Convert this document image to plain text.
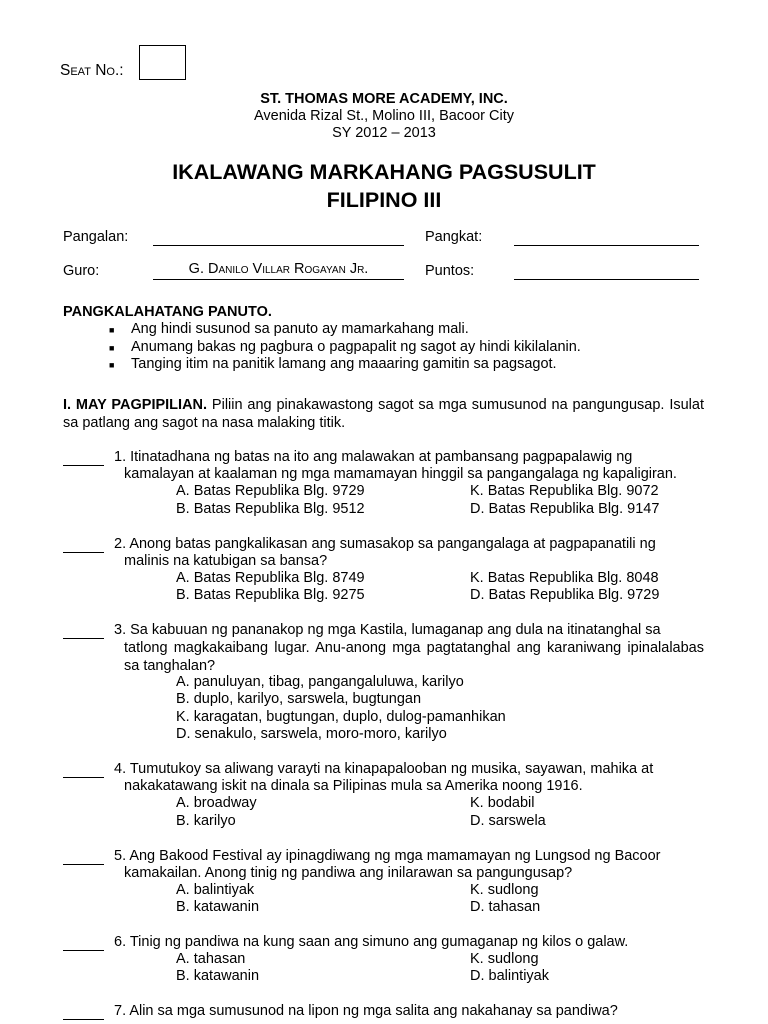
Seat No.:
ST. THOMAS MORE ACADEMY, INC.
Avenida Rizal St., Molino III, Bacoor City
SY 2012 – 2013
IKALAWANG MARKAHANG PAGSUSULIT
FILIPINO III
Pangalan:	Pangkat:
Guro:	G. Danilo Villar Rogayan Jr.	Puntos:
PANGKALAHATANG PANUTO.
■ Ang hindi susunod sa panuto ay mamarkahang mali.
■ Anumang bakas ng pagbura o pagpapalit ng sagot ay hindi kikilalanin.
■ Tanging itim na panitik lamang ang maaaring gamitin sa pagsagot.
I. MAY PAGPIPILIAN. Piliin ang pinakawastong sagot sa mga sumusunod na pangungusap. Isulat sa patlang ang sagot na nasa malaking titik.
1. Itinatadhana ng batas na ito ang malawakan at pambansang pagpapalawig ng
kamalayan at kaalaman ng mga mamamayan hinggil sa pangangalaga ng kapaligiran.
A. Batas Republika Blg. 9729	K. Batas Republika Blg. 9072
B. Batas Republika Blg. 9512	D. Batas Republika Blg. 9147
2. Anong batas pangkalikasan ang sumasakop sa pangangalaga at pagpapanatili ng
malinis na katubigan sa bansa?
A. Batas Republika Blg. 8749	K. Batas Republika Blg. 8048
B. Batas Republika Blg. 9275	D. Batas Republika Blg. 9729
3. Sa kabuuan ng pananakop ng mga Kastila, lumaganap ang dula na itinatanghal sa
tatlong magkakaibang lugar. Anu-anong mga pagtatanghal ang karaniwang ipinalalabas sa tanghalan?
A. panuluyan, tibag, pangangaluluwa, karilyo
B. duplo, karilyo, sarswela, bugtungan
K. karagatan, bugtungan, duplo, dulog-pamanhikan
D. senakulo, sarswela, moro-moro, karilyo
4. Tumutukoy sa aliwang varayti na kinapapalooban ng musika, sayawan, mahika at
nakakatawang iskit na dinala sa Pilipinas mula sa Amerika noong 1916.
A. broadway	K. bodabil
B. karilyo	D. sarswela
5. Ang Bakood Festival ay ipinagdiwang ng mga mamamayan ng Lungsod ng Bacoor
kamakailan. Anong tinig ng pandiwa ang inilarawan sa pangungusap?
A. balintiyak	K. sudlong
B. katawanin	D. tahasan
6. Tinig ng pandiwa na kung saan ang simuno ang gumaganap ng kilos o galaw.
A. tahasan	K. sudlong
B. katawanin	D. balintiyak
7. Alin sa mga sumusunod na lipon ng mga salita ang nakahanay sa pandiwa?
